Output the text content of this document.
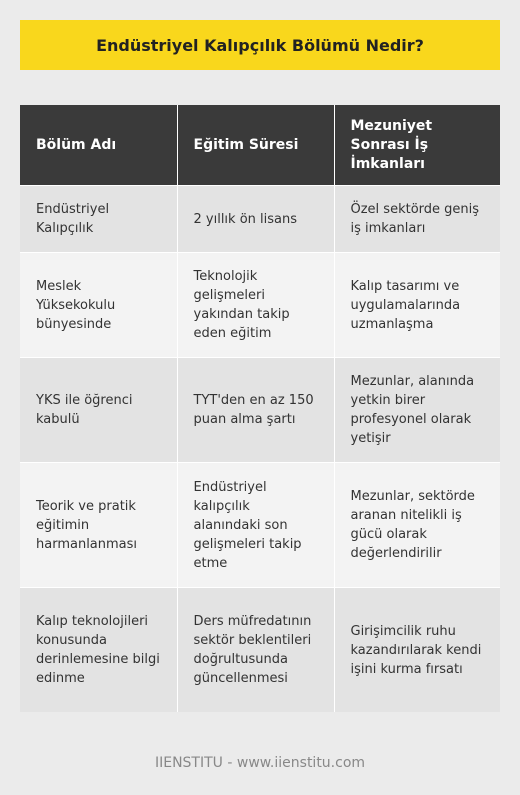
Endüstriyel Kalıpçılık Bölümü Nedir?
Bölüm Adı	Eğitim Süresi	Mezuniyet Sonrası İş İmkanları
Endüstriyel Kalıpçılık	2 yıllık ön lisans	Özel sektörde geniş iş imkanları
Meslek Yüksekokulu bünyesinde	Teknolojik gelişmeleri yakından takip eden eğitim	Kalıp tasarımı ve uygulamalarında uzmanlaşma
YKS ile öğrenci kabulü	TYT'den en az 150 puan alma şartı	Mezunlar, alanında yetkin birer profesyonel olarak yetişir
Teorik ve pratik eğitimin harmanlanması	Endüstriyel kalıpçılık alanındaki son gelişmeleri takip etme	Mezunlar, sektörde aranan nitelikli iş gücü olarak değerlendirilir
Kalıp teknolojileri konusunda derinlemesine bilgi edinme	Ders müfredatının sektör beklentileri doğrultusunda güncellenmesi	Girişimcilik ruhu kazandırılarak kendi işini kurma fırsatı
IIENSTITU - www.iienstitu.com
